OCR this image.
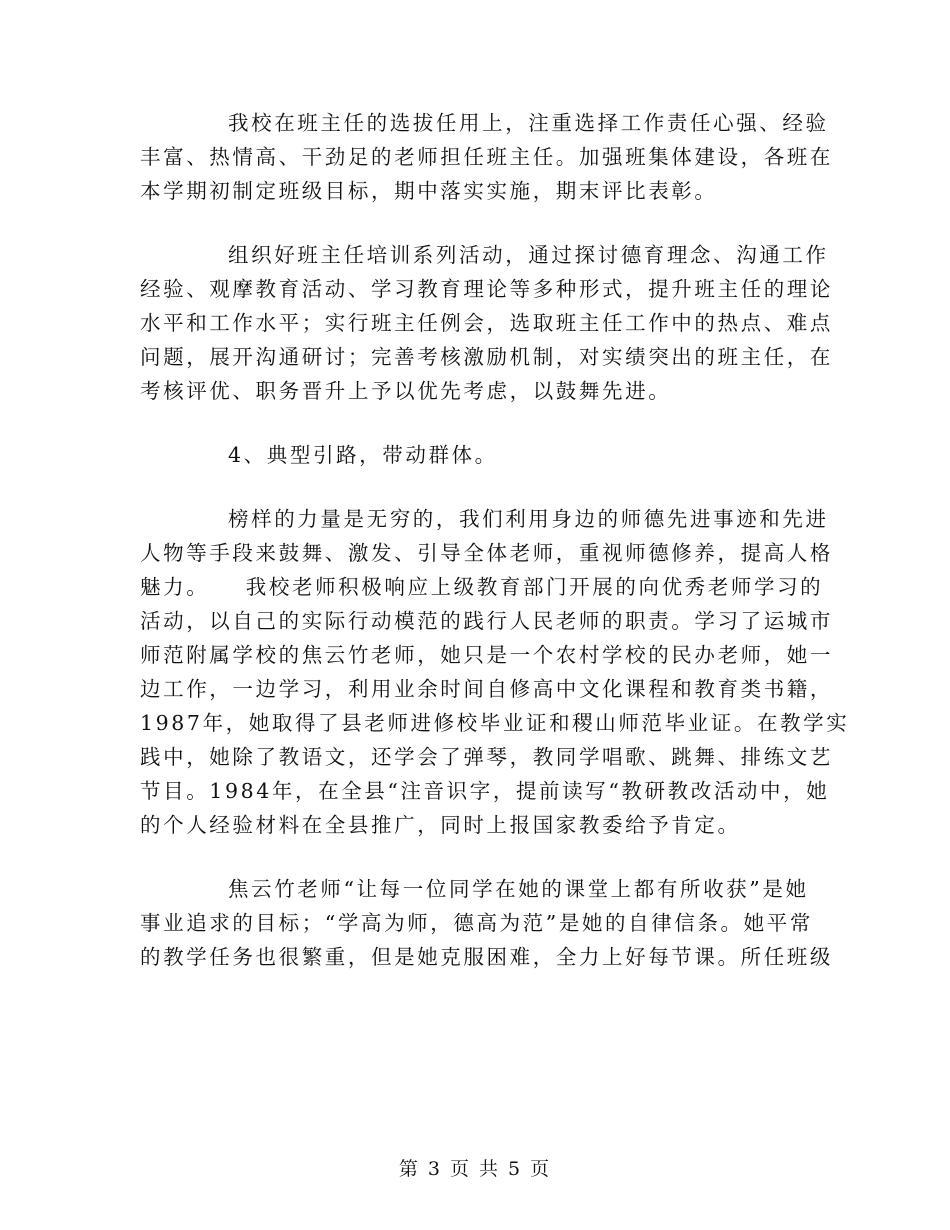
我校在班主任的选拔任用上，注重选择工作责任心强、经验
丰富、热情高、干劲足的老师担任班主任。加强班集体建设，各班在
本学期初制定班级目标，期中落实实施，期末评比表彰。

组织好班主任培训系列活动，通过探讨德育理念、沟通工作
经验、观摩教育活动、学习教育理论等多种形式，提升班主任的理论
水平和工作水平；实行班主任例会，选取班主任工作中的热点、难点
问题，展开沟通研讨；完善考核激励机制，对实绩突出的班主任，在
考核评优、职务晋升上予以优先考虑，以鼓舞先进。

4、典型引路，带动群体。

榜样的力量是无穷的，我们利用身边的师德先进事迹和先进
人物等手段来鼓舞、激发、引导全体老师，重视师德修养，提高人格
魅力。    我校老师积极响应上级教育部门开展的向优秀老师学习的
活动，以自己的实际行动模范的践行人民老师的职责。学习了运城市
师范附属学校的焦云竹老师，她只是一个农村学校的民办老师，她一
边工作，一边学习，利用业余时间自修高中文化课程和教育类书籍，
1987年，她取得了县老师进修校毕业证和稷山师范毕业证。在教学实
践中，她除了教语文，还学会了弹琴，教同学唱歌、跳舞、排练文艺
节目。1984年，在全县“注音识字，提前读写“教研教改活动中，她
的个人经验材料在全县推广，同时上报国家教委给予肯定。

焦云竹老师“让每一位同学在她的课堂上都有所收获”是她
事业追求的目标；“学高为师，德高为范”是她的自律信条。她平常
的教学任务也很繁重，但是她克服困难，全力上好每节课。所任班级

第 3 页 共 5 页
